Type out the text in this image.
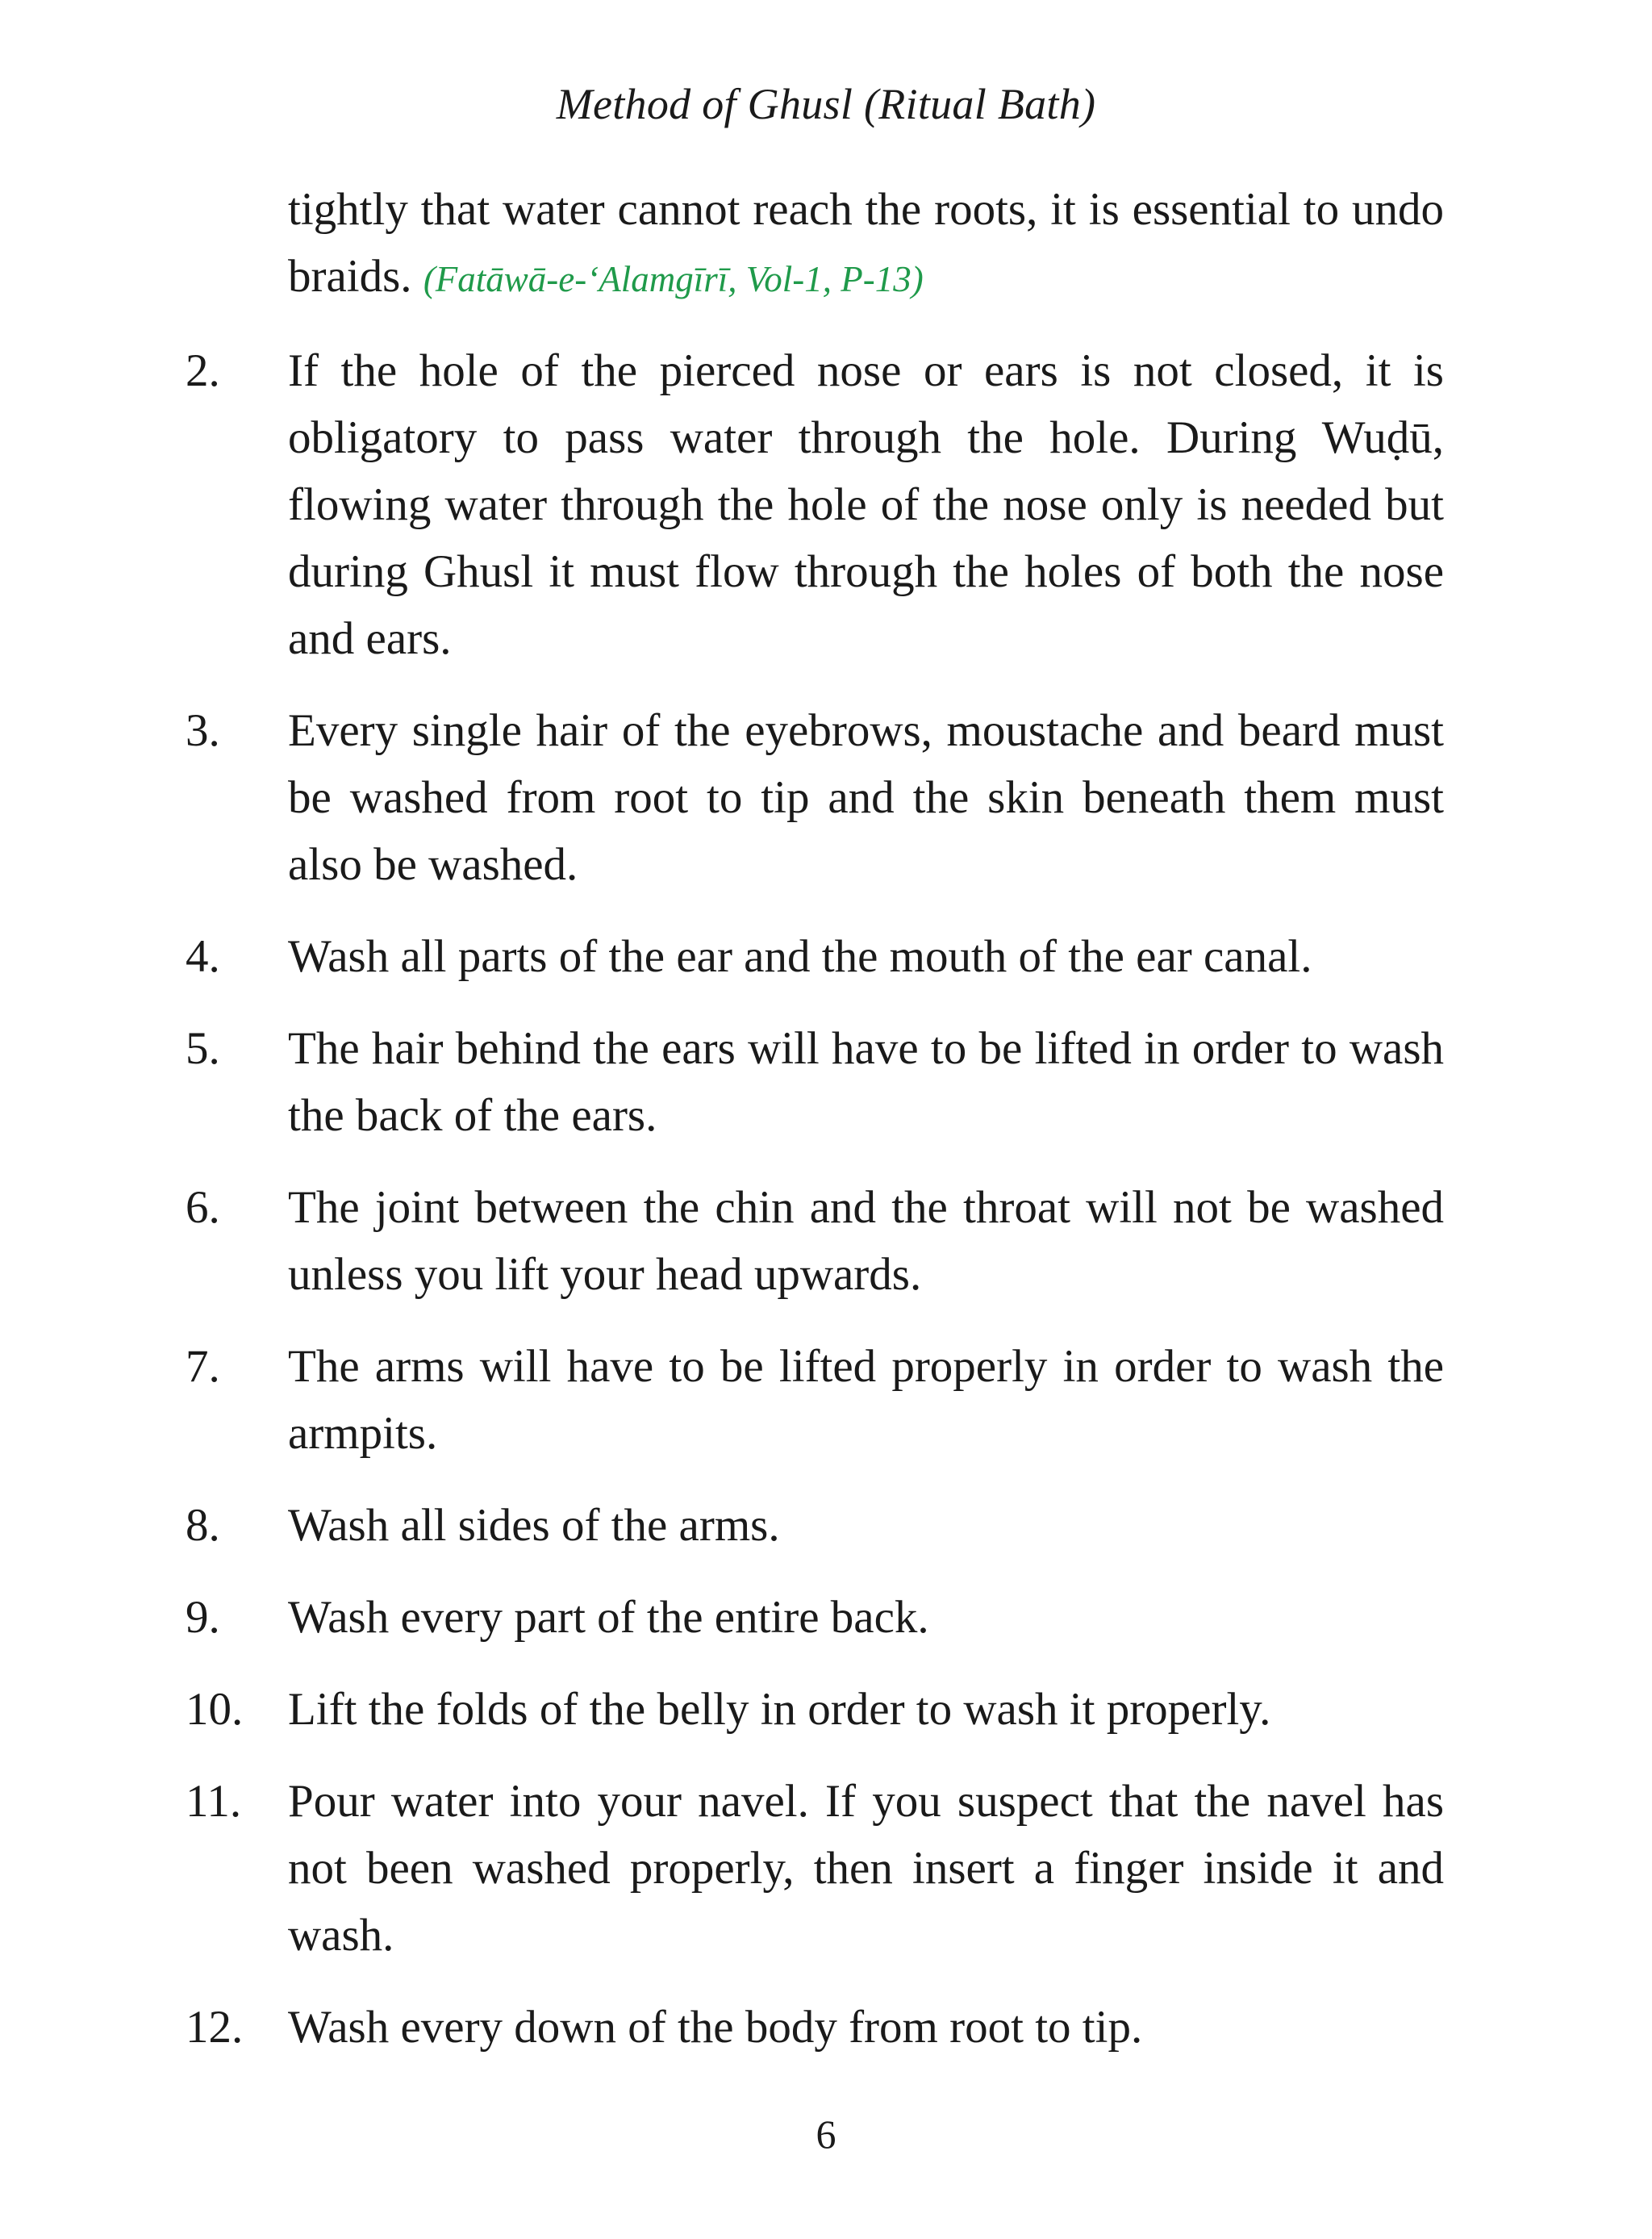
Method of Ghusl (Ritual Bath)
tightly that water cannot reach the roots, it is essential to undo braids. (Fatāwā-e-‘Alamgīrī, Vol-1, P-13)
2.	If the hole of the pierced nose or ears is not closed, it is obligatory to pass water through the hole. During Wuḍū, flowing water through the hole of the nose only is needed but during Ghusl it must flow through the holes of both the nose and ears.
3.	Every single hair of the eyebrows, moustache and beard must be washed from root to tip and the skin beneath them must also be washed.
4.	Wash all parts of the ear and the mouth of the ear canal.
5.	The hair behind the ears will have to be lifted in order to wash the back of the ears.
6.	The joint between the chin and the throat will not be washed unless you lift your head upwards.
7.	The arms will have to be lifted properly in order to wash the armpits.
8.	Wash all sides of the arms.
9.	Wash every part of the entire back.
10. Lift the folds of the belly in order to wash it properly.
11.	Pour water into your navel. If you suspect that the navel has not been washed properly, then insert a finger inside it and wash.
12. Wash every down of the body from root to tip.
6
